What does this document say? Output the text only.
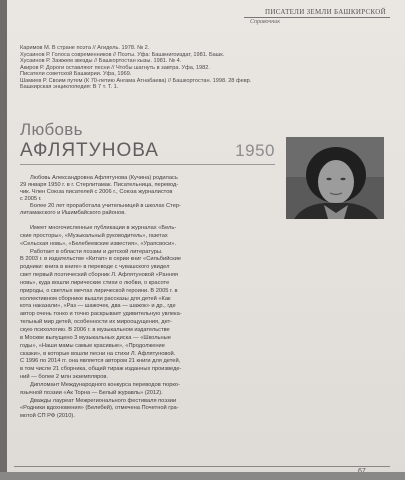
ПИСАТЕЛИ ЗЕМЛИ БАШКИРСКОЙ
Справочник
Каримов М. В стране поэта // Агидель. 1978. № 2.
Хусаинов Р. Голоса современников // Поэты. Уфа: Башкнигоиздат, 1981. Башк.
Хусаинов Р. Зажжем звезды // Башкортостан кызы. 1981. № 4.
Акиров Р. Дороги оставляют песни // Чтобы шагнуть в завтра. Уфа, 1982.
Писатели советской Башкирии. Уфа, 1969.
Шамиев Р. Своим путем (К 70-летию Ангама Атнабаева) // Башкортостан. 1998. 28 февр.
Башкирская энциклопедия: В 7 т. Т. 1.
Любовь
АФЛЯТУНОВА	1950
Любовь Александровна Афлятунова (Кучина) родилась
29 января 1950 г. в г. Стерлитамак. Писательница, перевод-
чик. Член Союза писателей с 2006 г., Союза журналистов
с 2005 г.
Более 20 лет проработала учительницей в школах Стер-
литамакского и Ишимбайского районов.
Имеет многочисленные публикации в журналах «Бель-
ские просторы», «Музыкальный руководитель», газетах
«Сельская новь», «Белебеевские известия», «Урапсвоси».
Работает в области поэзии и детской литературы.
В 2003 г. в издательстве «Китап» в серии книг «Сильбийские
родники: книга в книге» в переводе с чувашского увидел
свет первый поэтический сборник Л. Афлятуновой «Ранняя
новь», куда вошли лирические стихи о любви, о красоте
природы, о светлых мечтах лирической героини. В 2005 г. в
коллективном сборнике вышли рассказы для детей «Как
кота наказали», «Раз — шажочек, два — шажок» и др., где
автор очень тонко и точно раскрывает удивительную увлека-
тельный мир детей, особенности их мироощущения, дет-
скую психологию. В 2006 г. в музыкальном издательстве
в Москве выпущено 3 музыкальных диска — «Школьные
годы», «Наши мамы самые красивые», «Продолжение
сказки», в которые вошли песни на стихи Л. Афлятуновой.
С 1996 по 2014 гг. она является автором 21 книги для детей,
в том числе 21 сборника, общий тираж изданных произведе-
ний — более 2 млн экземпляров.
Дипломант Международного конкурса переводов тюрко-
язычной поэзии «Ак Торна — Белый журавль» (2012).
Дважды лауреат Межрегионального фестиваля поэзии
«Родники вдохновения» (Белебей), отмечена Почетной гра-
мотой СП РФ (2010).
